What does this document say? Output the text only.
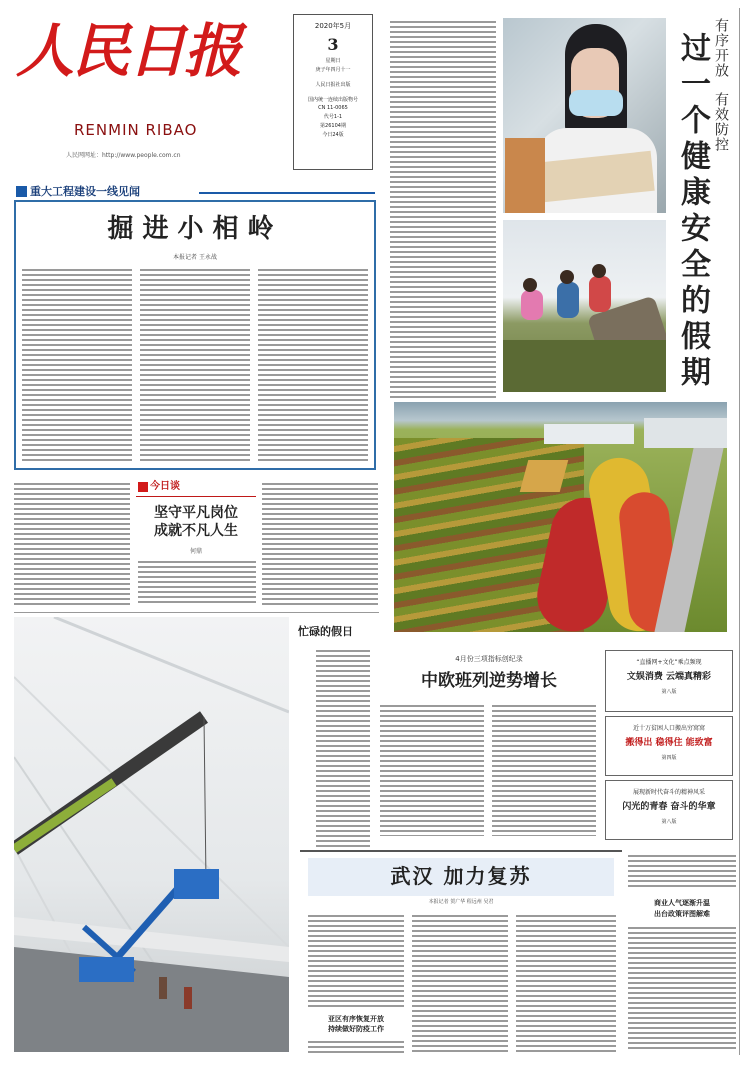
人民日报
RENMIN RIBAO
人民网网址：http://www.people.com.cn
2020年5月
3
星期日
庚子年四月十一
人民日报社出版
国内统一连续出版物号
CN 11-0065
代号1-1
第26104期
今日24版
有序开放
有效防控
过一个健康安全的假期
重大工程建设一线见闻
掘进小相岭
本报记者 王永战
今日谈
坚守平凡岗位
成就不凡人生
何鼎
忙碌的假日
4月份三项指标创纪录
中欧班列逆势增长
“直播网+文化”乘点频现
文娱消费 云端真精彩
第八版
近十万贫困人口搬出穷窝窝
搬得出 稳得住 能致富
第四版
展现新时代奋斗的精神风采
闪光的青春 奋斗的华章
第八版
武汉 加力复苏
本报记者 贺广华 程远州 吴君
亚区有序恢复开放
持续做好防疫工作
商业人气逐渐升温
出台政策评图解难
